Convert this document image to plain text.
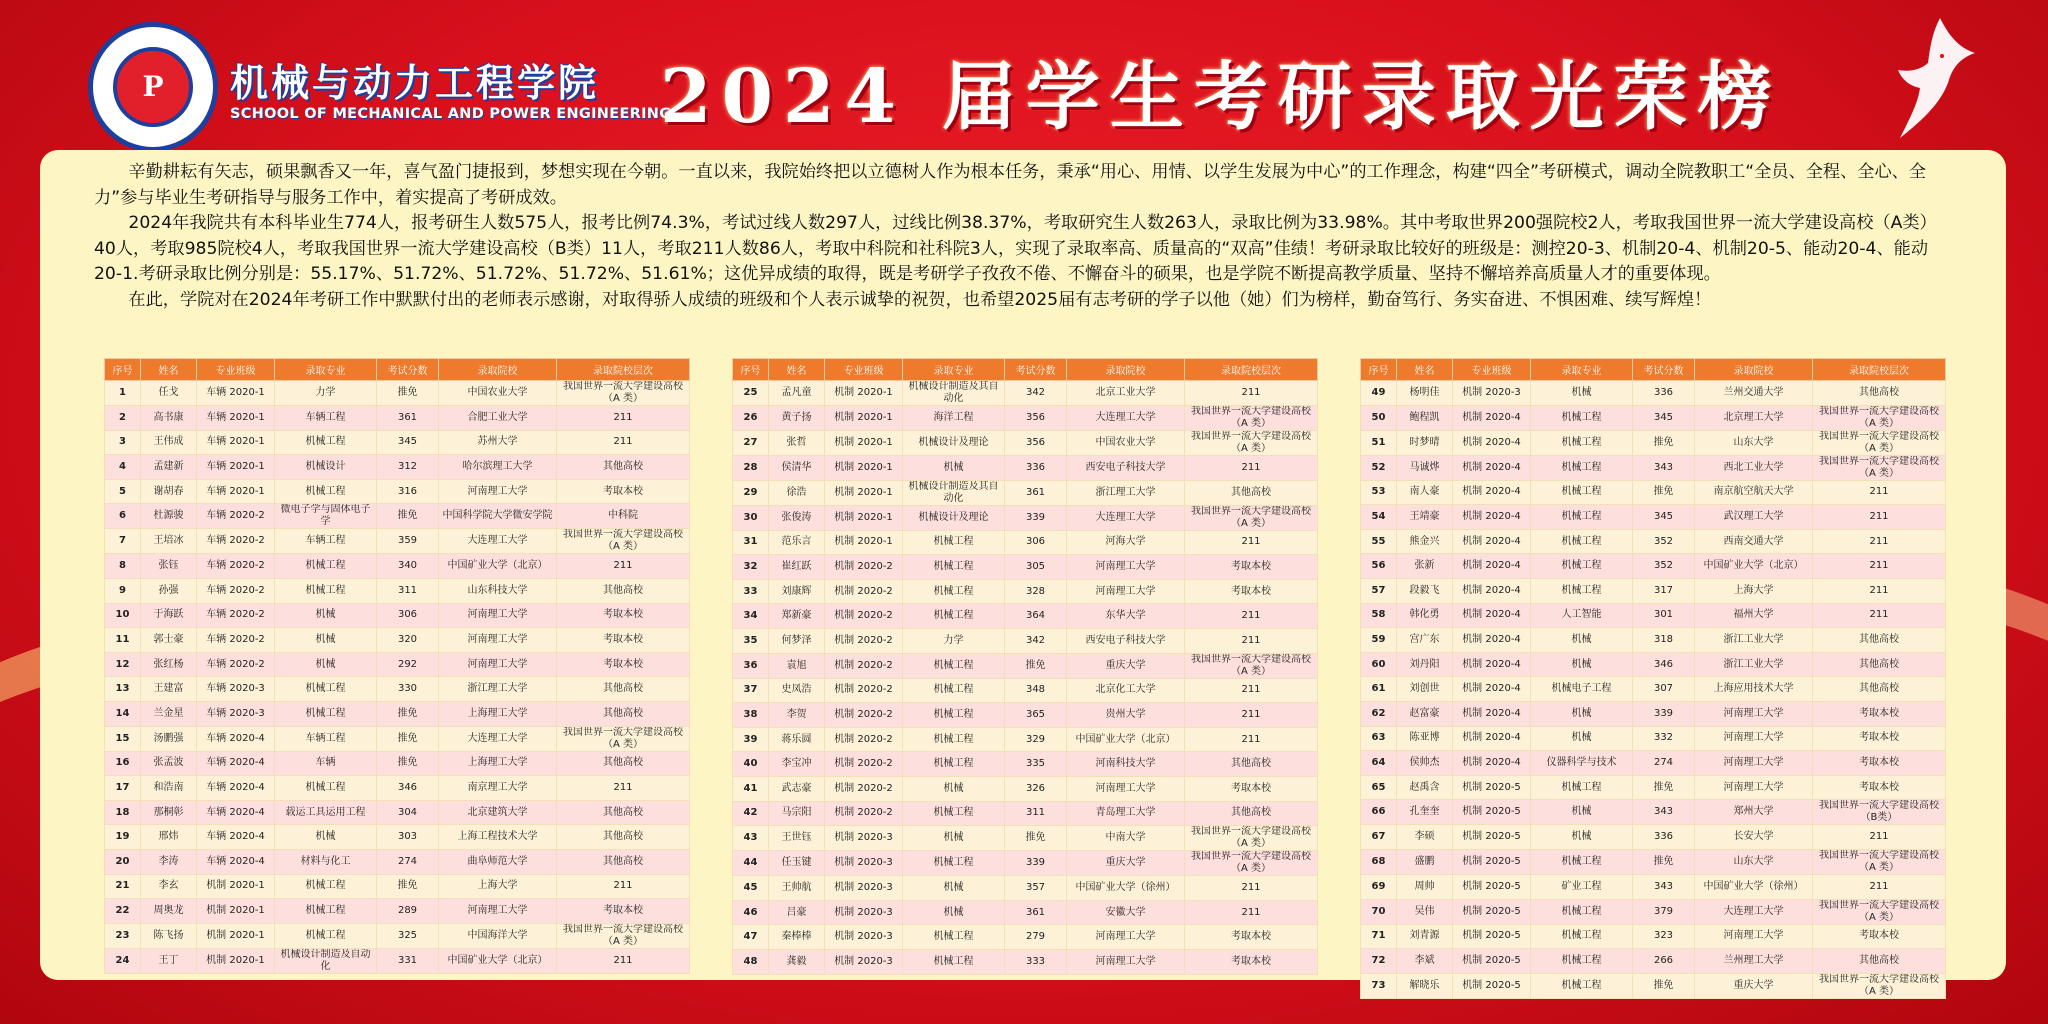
P	机械与动力工程学院
SCHOOL OF MECHANICAL AND POWER ENGINEERING
2024 届学生考研录取光荣榜

辛勤耕耘有矢志，硕果飘香又一年，喜气盈门捷报到，梦想实现在今朝。一直以来，我院始终把以立德树人作为根本任务，秉承“用心、用情、以学生发展为中心”的工作理念，构建“四全”考研模式，调动全院教职工“全员、全程、全心、全力”参与毕业生考研指导与服务工作中，着实提高了考研成效。

2024年我院共有本科毕业生774人，报考研生人数575人，报考比例74.3%，考试过线人数297人，过线比例38.37%，考取研究生人数263人，录取比例为33.98%。其中考取世界200强院校2人，考取我国世界一流大学建设高校（A类）40人，考取985院校4人，考取我国世界一流大学建设高校（B类）11人，考取211人数86人，考取中科院和社科院3人，实现了录取率高、质量高的“双高”佳绩！考研录取比较好的班级是：测控20-3、机制20-4、机制20-5、能动20-4、能动20-1.考研录取比例分别是：55.17%、51.72%、51.72%、51.72%、51.61%；这优异成绩的取得，既是考研学子孜孜不倦、不懈奋斗的硕果，也是学院不断提高教学质量、坚持不懈培养高质量人才的重要体现。

在此，学院对在2024年考研工作中默默付出的老师表示感谢，对取得骄人成绩的班级和个人表示诚挚的祝贺，也希望2025届有志考研的学子以他（她）们为榜样，勤奋笃行、务实奋进、不惧困难、续写辉煌！

序号	姓名	专业班级	录取专业	考试分数	录取院校	录取院校层次
1	任戈	车辆 2020-1	力学	推免	中国农业大学	我国世界一流大学建设高校（A 类）
2	高书康	车辆 2020-1	车辆工程	361	合肥工业大学	211
3	王伟成	车辆 2020-1	机械工程	345	苏州大学	211
4	孟建新	车辆 2020-1	机械设计	312	哈尔滨理工大学	其他高校
5	谢胡春	车辆 2020-1	机械工程	316	河南理工大学	考取本校
6	杜源骏	车辆 2020-2	微电子学与固体电子学	推免	中国科学院大学微安学院	中科院
7	王培冰	车辆 2020-2	车辆工程	359	大连理工大学	我国世界一流大学建设高校（A 类）
8	张钰	车辆 2020-2	机械工程	340	中国矿业大学（北京）	211
9	孙强	车辆 2020-2	机械工程	311	山东科技大学	其他高校
10	于海跃	车辆 2020-2	机械	306	河南理工大学	考取本校
11	郭士豪	车辆 2020-2	机械	320	河南理工大学	考取本校
12	张红杨	车辆 2020-2	机械	292	河南理工大学	考取本校
13	王建富	车辆 2020-3	机械工程	330	浙江理工大学	其他高校
14	兰金星	车辆 2020-3	机械工程	推免	上海理工大学	其他高校
15	汤鹏强	车辆 2020-4	车辆工程	推免	大连理工大学	我国世界一流大学建设高校（A 类）
16	张孟波	车辆 2020-4	车辆	推免	上海理工大学	其他高校
17	和浩南	车辆 2020-4	机械工程	346	南京理工大学	211
18	那桐彰	车辆 2020-4	载运工具运用工程	304	北京建筑大学	其他高校
19	邢炜	车辆 2020-4	机械	303	上海工程技术大学	其他高校
20	李涛	车辆 2020-4	材料与化工	274	曲阜师范大学	其他高校
21	李玄	机制 2020-1	机械工程	推免	上海大学	211
22	周奥龙	机制 2020-1	机械工程	289	河南理工大学	考取本校
23	陈飞扬	机制 2020-1	机械工程	325	中国海洋大学	我国世界一流大学建设高校（A 类）
24	王丁	机制 2020-1	机械设计制造及自动化	331	中国矿业大学（北京）	211
序号	姓名	专业班级	录取专业	考试分数	录取院校	录取院校层次
25	孟凡童	机制 2020-1	机械设计制造及其自动化	342	北京工业大学	211
26	黄子扬	机制 2020-1	海洋工程	356	大连理工大学	我国世界一流大学建设高校（A 类）
27	张哲	机制 2020-1	机械设计及理论	356	中国农业大学	我国世界一流大学建设高校（A 类）
28	侯清华	机制 2020-1	机械	336	西安电子科技大学	211
29	徐浩	机制 2020-1	机械设计制造及其自动化	361	浙江理工大学	其他高校
30	张俊涛	机制 2020-1	机械设计及理论	339	大连理工大学	我国世界一流大学建设高校（A 类）
31	范乐言	机制 2020-1	机械工程	306	河海大学	211
32	崔红跃	机制 2020-2	机械工程	305	河南理工大学	考取本校
33	刘康辉	机制 2020-2	机械工程	328	河南理工大学	考取本校
34	郑新豪	机制 2020-2	机械工程	364	东华大学	211
35	何梦泽	机制 2020-2	力学	342	西安电子科技大学	211
36	袁旭	机制 2020-2	机械工程	推免	重庆大学	我国世界一流大学建设高校（A 类）
37	史凤浩	机制 2020-2	机械工程	348	北京化工大学	211
38	李贺	机制 2020-2	机械工程	365	贵州大学	211
39	蒋乐圆	机制 2020-2	机械工程	329	中国矿业大学（北京）	211
40	李宝冲	机制 2020-2	机械工程	335	河南科技大学	其他高校
41	武志豪	机制 2020-2	机械	326	河南理工大学	考取本校
42	马宗阳	机制 2020-2	机械工程	311	青岛理工大学	其他高校
43	王世钰	机制 2020-3	机械	推免	中南大学	我国世界一流大学建设高校（A 类）
44	任玉键	机制 2020-3	机械工程	339	重庆大学	我国世界一流大学建设高校（A 类）
45	王帅航	机制 2020-3	机械	357	中国矿业大学（徐州）	211
46	吕豪	机制 2020-3	机械	361	安徽大学	211
47	秦棒棒	机制 2020-3	机械工程	279	河南理工大学	考取本校
48	龚毅	机制 2020-3	机械工程	333	河南理工大学	考取本校
序号	姓名	专业班级	录取专业	考试分数	录取院校	录取院校层次
49	杨明佳	机制 2020-3	机械	336	兰州交通大学	其他高校
50	鲍程凯	机制 2020-4	机械工程	345	北京理工大学	我国世界一流大学建设高校（A 类）
51	时梦晴	机制 2020-4	机械工程	推免	山东大学	我国世界一流大学建设高校（A 类）
52	马诚烨	机制 2020-4	机械工程	343	西北工业大学	我国世界一流大学建设高校（A 类）
53	南人豪	机制 2020-4	机械工程	推免	南京航空航天大学	211
54	王靖豪	机制 2020-4	机械工程	345	武汉理工大学	211
55	熊金兴	机制 2020-4	机械工程	352	西南交通大学	211
56	张新	机制 2020-4	机械工程	352	中国矿业大学（北京）	211
57	段毅飞	机制 2020-4	机械工程	317	上海大学	211
58	韩化勇	机制 2020-4	人工智能	301	福州大学	211
59	宫广东	机制 2020-4	机械	318	浙江工业大学	其他高校
60	刘丹阳	机制 2020-4	机械	346	浙江工业大学	其他高校
61	刘创世	机制 2020-4	机械电子工程	307	上海应用技术大学	其他高校
62	赵富豪	机制 2020-4	机械	339	河南理工大学	考取本校
63	陈亚博	机制 2020-4	机械	332	河南理工大学	考取本校
64	侯帅杰	机制 2020-4	仪器科学与技术	274	河南理工大学	考取本校
65	赵禹含	机制 2020-5	机械工程	推免	河南理工大学	考取本校
66	孔奎奎	机制 2020-5	机械	343	郑州大学	我国世界一流大学建设高校（B类）
67	李硕	机制 2020-5	机械	336	长安大学	211
68	盛鹏	机制 2020-5	机械工程	推免	山东大学	我国世界一流大学建设高校（A 类）
69	周帅	机制 2020-5	矿业工程	343	中国矿业大学（徐州）	211
70	吴伟	机制 2020-5	机械工程	379	大连理工大学	我国世界一流大学建设高校（A 类）
71	刘青源	机制 2020-5	机械工程	323	河南理工大学	考取本校
72	李斌	机制 2020-5	机械工程	266	兰州理工大学	其他高校
73	解晓乐	机制 2020-5	机械工程	推免	重庆大学	我国世界一流大学建设高校（A 类）
